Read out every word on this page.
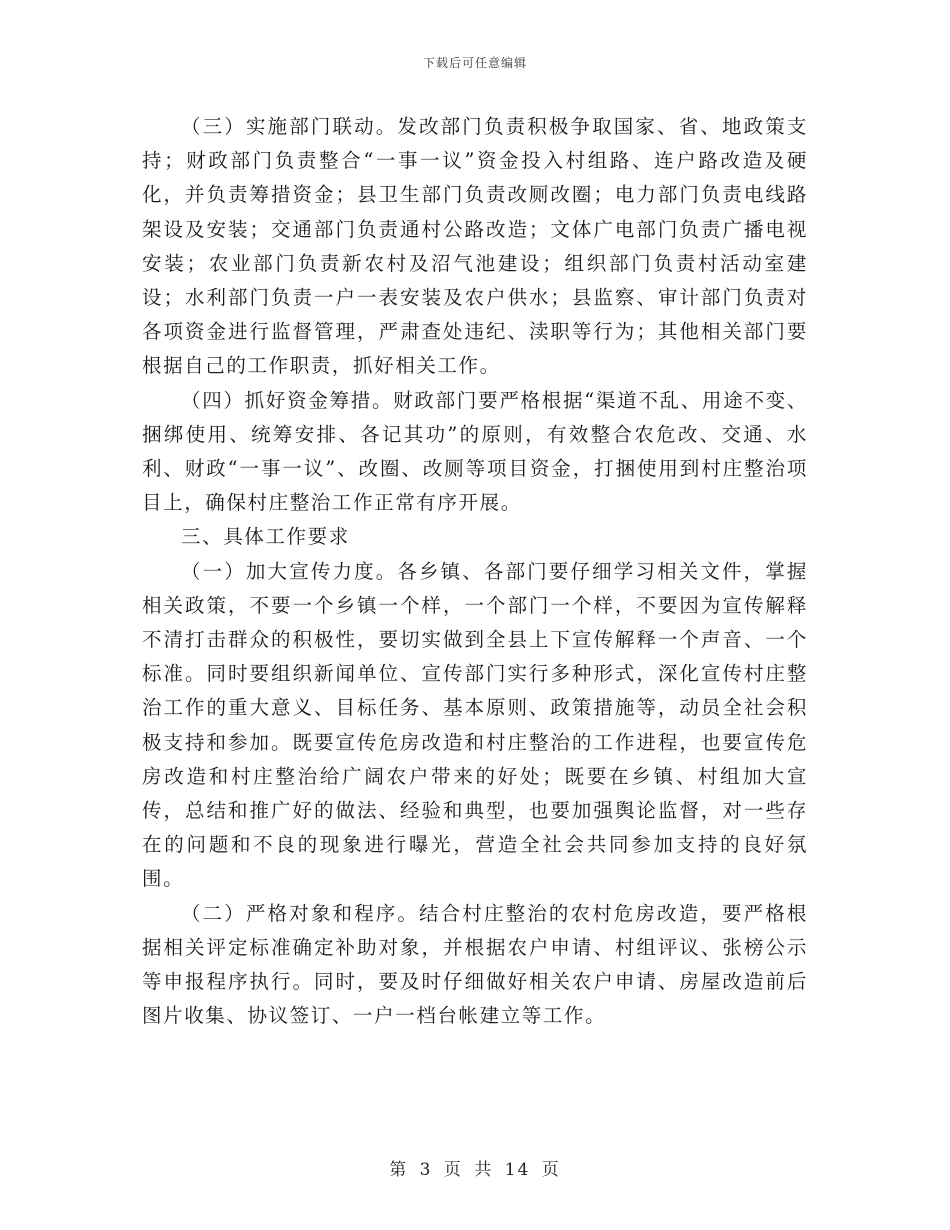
下载后可任意编辑

（三）实施部门联动。发改部门负责积极争取国家、省、地政策支持；财政部门负责整合“一事一议”资金投入村组路、连户路改造及硬化，并负责筹措资金；县卫生部门负责改厕改圈；电力部门负责电线路架设及安装；交通部门负责通村公路改造；文体广电部门负责广播电视安装；农业部门负责新农村及沼气池建设；组织部门负责村活动室建设；水利部门负责一户一表安装及农户供水；县监察、审计部门负责对各项资金进行监督管理，严肃查处违纪、渎职等行为；其他相关部门要根据自己的工作职责，抓好相关工作。

（四）抓好资金筹措。财政部门要严格根据“渠道不乱、用途不变、捆绑使用、统筹安排、各记其功”的原则，有效整合农危改、交通、水利、财政“一事一议”、改圈、改厕等项目资金，打捆使用到村庄整治项目上，确保村庄整治工作正常有序开展。

三、具体工作要求

（一）加大宣传力度。各乡镇、各部门要仔细学习相关文件，掌握相关政策，不要一个乡镇一个样，一个部门一个样，不要因为宣传解释不清打击群众的积极性，要切实做到全县上下宣传解释一个声音、一个标准。同时要组织新闻单位、宣传部门实行多种形式，深化宣传村庄整治工作的重大意义、目标任务、基本原则、政策措施等，动员全社会积极支持和参加。既要宣传危房改造和村庄整治的工作进程，也要宣传危房改造和村庄整治给广阔农户带来的好处；既要在乡镇、村组加大宣传，总结和推广好的做法、经验和典型，也要加强舆论监督，对一些存在的问题和不良的现象进行曝光，营造全社会共同参加支持的良好氛围。

（二）严格对象和程序。结合村庄整治的农村危房改造，要严格根据相关评定标准确定补助对象，并根据农户申请、村组评议、张榜公示等申报程序执行。同时，要及时仔细做好相关农户申请、房屋改造前后图片收集、协议签订、一户一档台帐建立等工作。

第 3 页 共 14 页
